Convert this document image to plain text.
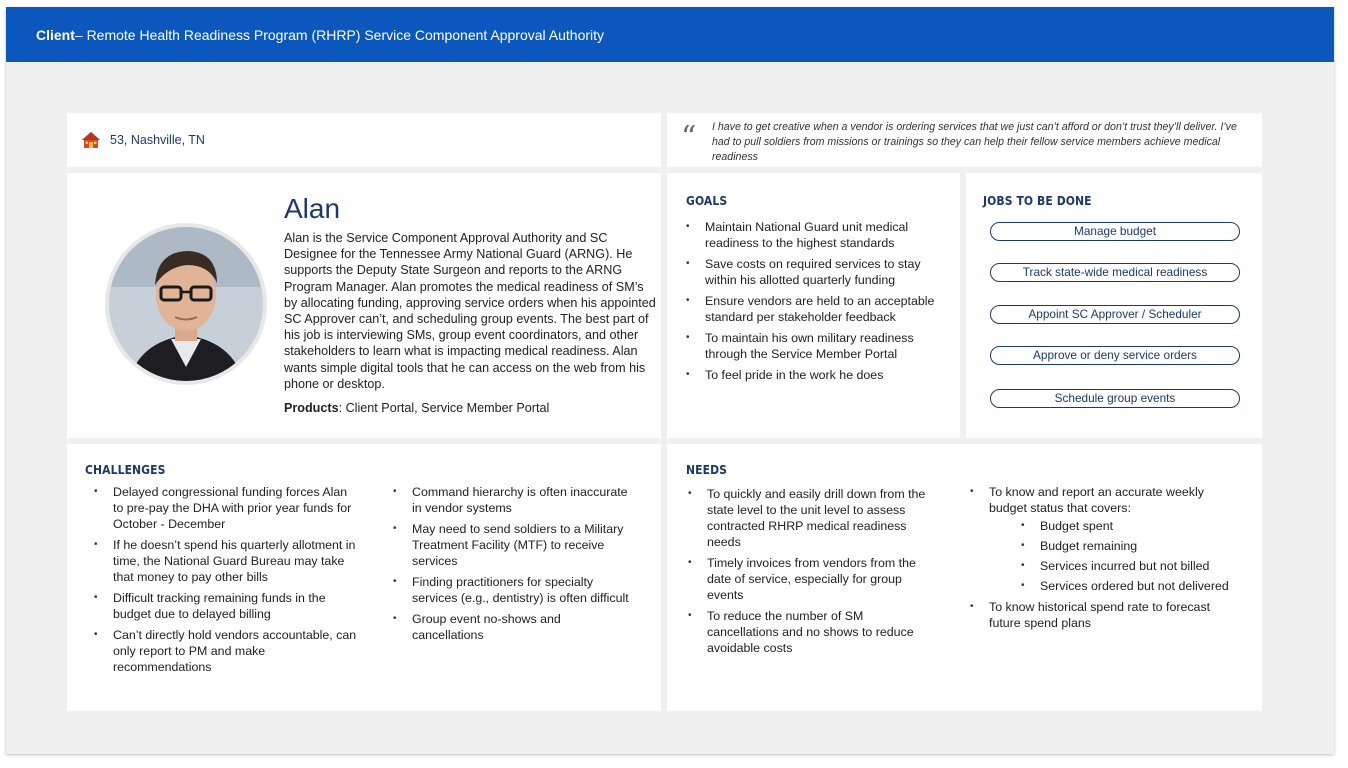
Client – Remote Health Readiness Program (RHRP) Service Component Approval Authority
53, Nashville, TN	“ I have to get creative when a vendor is ordering services that we just can’t afford or don’t trust they’ll deliver. I’ve had to pull soldiers from missions or trainings so they can help their fellow service members achieve medical readiness
Alan
Alan is the Service Component Approval Authority and SC Designee for the Tennessee Army National Guard (ARNG). He supports the Deputy State Surgeon and reports to the ARNG Program Manager. Alan promotes the medical readiness of SM’s by allocating funding, approving service orders when his appointed SC Approver can’t, and scheduling group events. The best part of his job is interviewing SMs, group event coordinators, and other stakeholders to learn what is impacting medical readiness. Alan wants simple digital tools that he can access on the web from his phone or desktop.
Products: Client Portal, Service Member Portal
GOALS
• Maintain National Guard unit medical readiness to the highest standards
• Save costs on required services to stay within his allotted quarterly funding
• Ensure vendors are held to an acceptable standard per stakeholder feedback
• To maintain his own military readiness through the Service Member Portal
• To feel pride in the work he does
JOBS TO BE DONE
Manage budget
Track state-wide medical readiness
Appoint SC Approver / Scheduler
Approve or deny service orders
Schedule group events
CHALLENGES
• Delayed congressional funding forces Alan to pre-pay the DHA with prior year funds for October - December
• If he doesn’t spend his quarterly allotment in time, the National Guard Bureau may take that money to pay other bills
• Difficult tracking remaining funds in the budget due to delayed billing
• Can’t directly hold vendors accountable, can only report to PM and make recommendations
• Command hierarchy is often inaccurate in vendor systems
• May need to send soldiers to a Military Treatment Facility (MTF) to receive services
• Finding practitioners for specialty services (e.g., dentistry) is often difficult
• Group event no-shows and cancellations
NEEDS
• To quickly and easily drill down from the state level to the unit level to assess contracted RHRP medical readiness needs
• Timely invoices from vendors from the date of service, especially for group events
• To reduce the number of SM cancellations and no shows to reduce avoidable costs
• To know and report an accurate weekly budget status that covers:
• Budget spent
• Budget remaining
• Services incurred but not billed
• Services ordered but not delivered
• To know historical spend rate to forecast future spend plans
